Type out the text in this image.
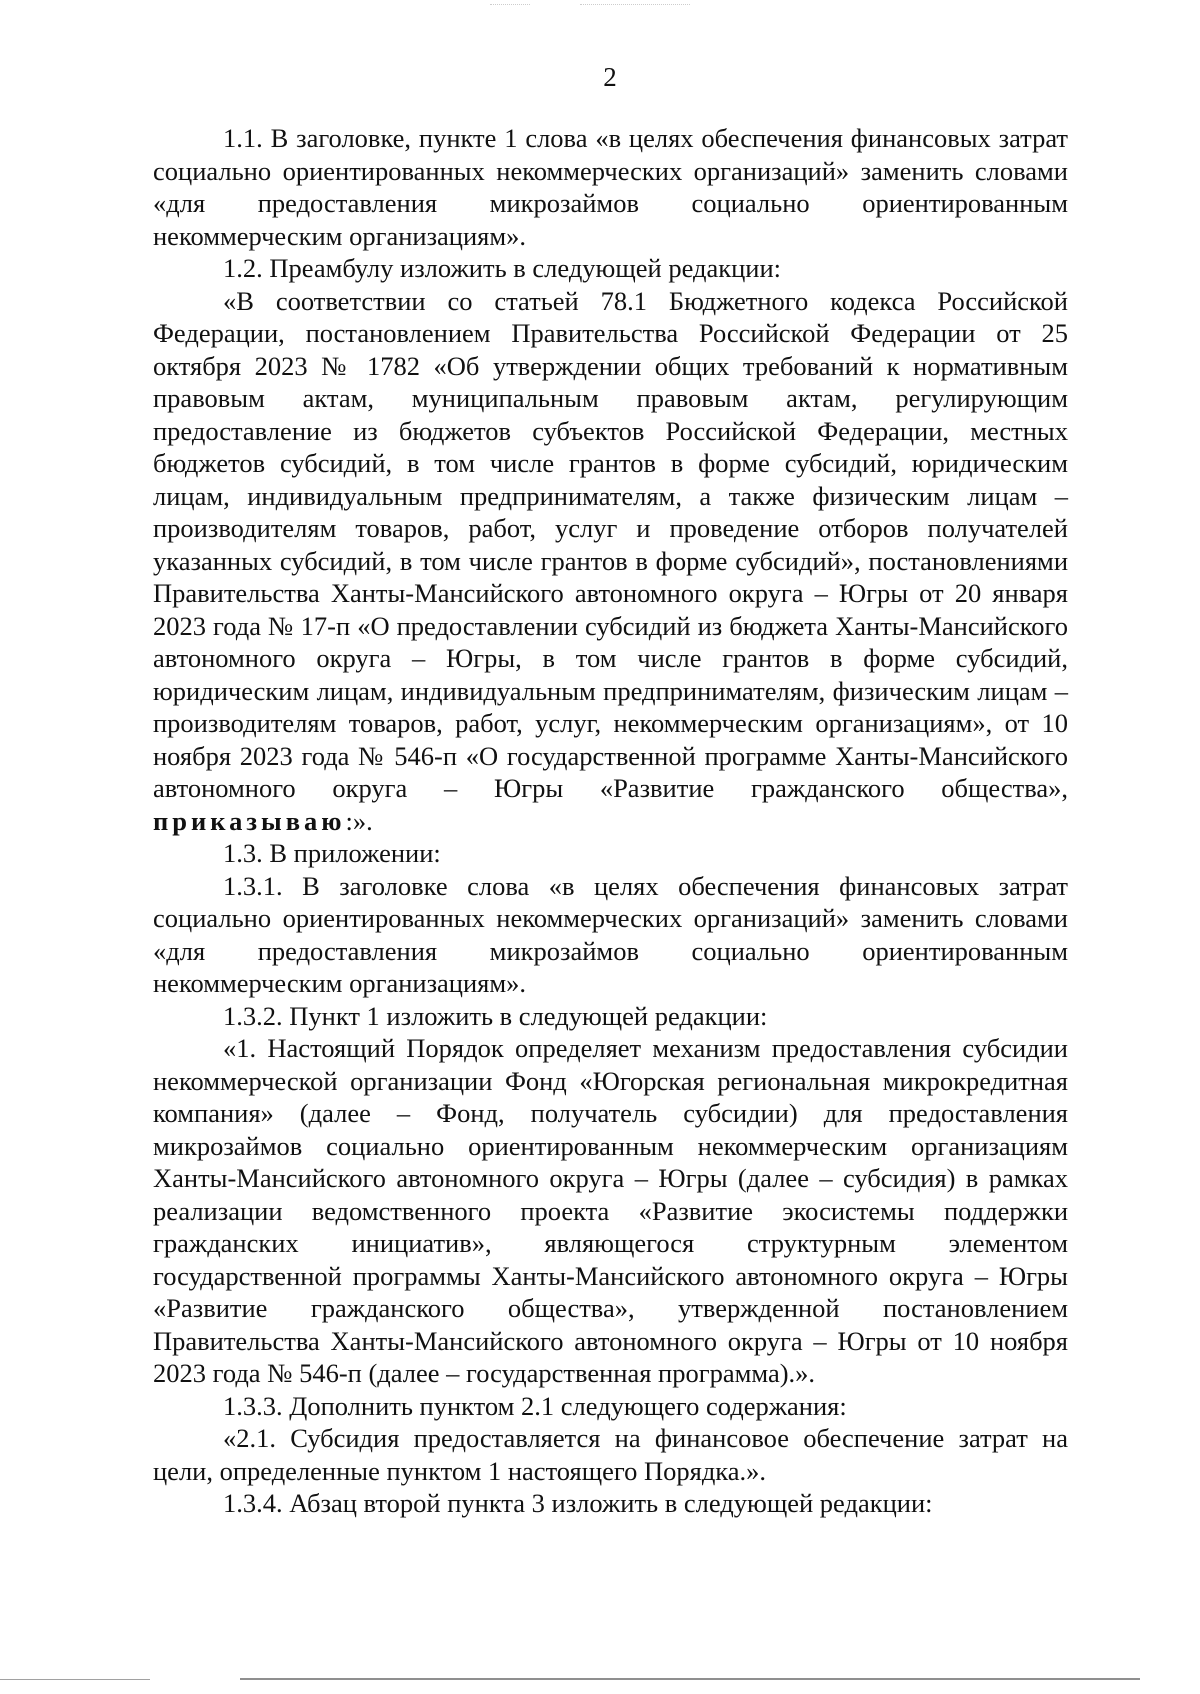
2

1.1. В заголовке, пункте 1 слова «в целях обеспечения финансовых затрат социально ориентированных некоммерческих организаций» заменить словами «для предоставления микрозаймов социально ориентированным некоммерческим организациям».

1.2. Преамбулу изложить в следующей редакции:

«В соответствии со статьей 78.1 Бюджетного кодекса Российской Федерации, постановлением Правительства Российской Федерации от 25 октября 2023 № 1782 «Об утверждении общих требований к нормативным правовым актам, муниципальным правовым актам, регулирующим предоставление из бюджетов субъектов Российской Федерации, местных бюджетов субсидий, в том числе грантов в форме субсидий, юридическим лицам, индивидуальным предпринимателям, а также физическим лицам – производителям товаров, работ, услуг и проведение отборов получателей указанных субсидий, в том числе грантов в форме субсидий», постановлениями Правительства Ханты-Мансийского автономного округа – Югры от 20 января 2023 года № 17-п «О предоставлении субсидий из бюджета Ханты-Мансийского автономного округа – Югры, в том числе грантов в форме субсидий, юридическим лицам, индивидуальным предпринимателям, физическим лицам – производителям товаров, работ, услуг, некоммерческим организациям», от 10 ноября 2023 года № 546-п «О государственной программе Ханты-Мансийского автономного округа – Югры «Развитие гражданского общества», приказываю:».

1.3. В приложении:

1.3.1. В заголовке слова «в целях обеспечения финансовых затрат социально ориентированных некоммерческих организаций» заменить словами «для предоставления микрозаймов социально ориентированным некоммерческим организациям».

1.3.2. Пункт 1 изложить в следующей редакции:

«1. Настоящий Порядок определяет механизм предоставления субсидии некоммерческой организации Фонд «Югорская региональная микрокредитная компания» (далее – Фонд, получатель субсидии) для предоставления микрозаймов социально ориентированным некоммерческим организациям Ханты-Мансийского автономного округа – Югры (далее – субсидия) в рамках реализации ведомственного проекта «Развитие экосистемы поддержки гражданских инициатив», являющегося структурным элементом государственной программы Ханты-Мансийского автономного округа – Югры «Развитие гражданского общества», утвержденной постановлением Правительства Ханты-Мансийского автономного округа – Югры от 10 ноября 2023 года № 546-п (далее – государственная программа).».

1.3.3. Дополнить пунктом 2.1 следующего содержания:

«2.1. Субсидия предоставляется на финансовое обеспечение затрат на цели, определенные пунктом 1 настоящего Порядка.».

1.3.4. Абзац второй пункта 3 изложить в следующей редакции:
